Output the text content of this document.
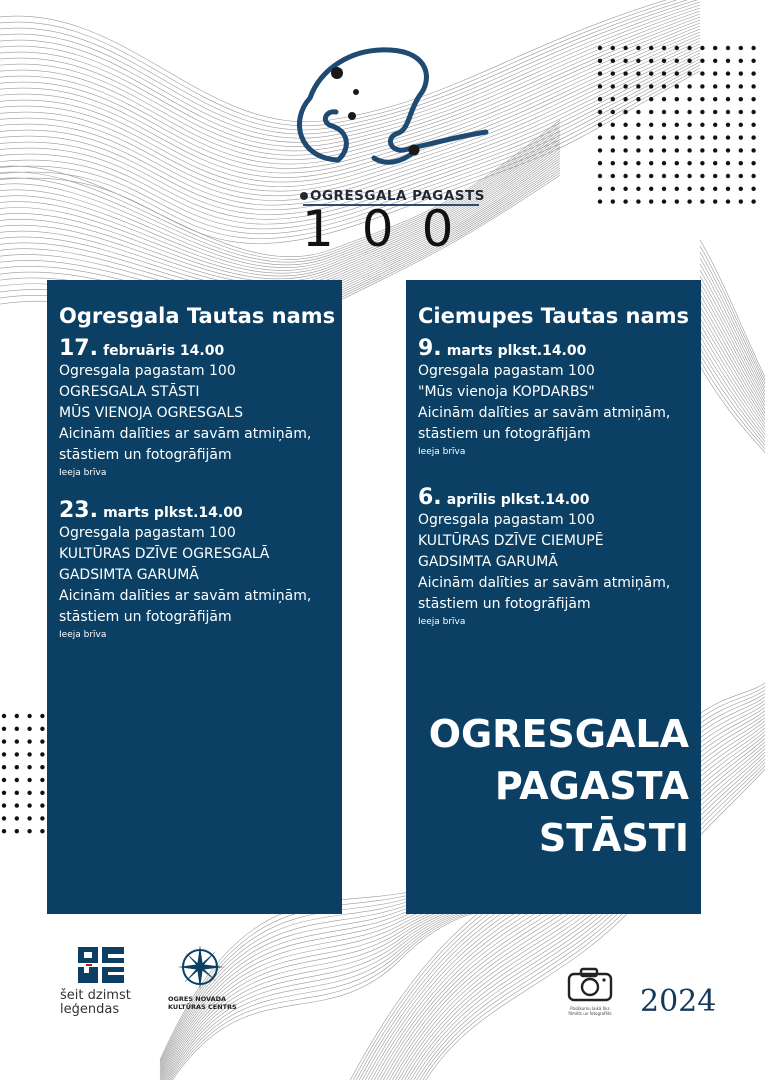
OGRESGALA PAGASTS
100
Ogresgala Tautas nams
17. februāris 14.00
Ogresgala pagastam 100
OGRESGALA STĀSTI
MŪS VIENOJA OGRESGALS
Aicinām dalīties ar savām atmiņām,
stāstiem un fotogrāfijām
Ieeja brīva
23. marts plkst.14.00
Ogresgala pagastam 100
KULTŪRAS DZĪVE OGRESGALĀ
GADSIMTA GARUMĀ
Aicinām dalīties ar savām atmiņām,
stāstiem un fotogrāfijām
Ieeja brīva
Ciemupes Tautas nams
9. marts plkst.14.00
Ogresgala pagastam 100
"Mūs vienoja KOPDARBS"
Aicinām dalīties ar savām atmiņām,
stāstiem un fotogrāfijām
Ieeja brīva
6. aprīlis plkst.14.00
Ogresgala pagastam 100
KULTŪRAS DZĪVE CIEMUPĒ
GADSIMTA GARUMĀ
Aicinām dalīties ar savām atmiņām,
stāstiem un fotogrāfijām
Ieeja brīva
OGRESGALA
PAGASTA
STĀSTI
šeit dzimst
leģendas
OGRES NOVADA
KULTŪRAS CENTRS	Pasākumu laikā tiks
filmēts un fotografēts 2024
